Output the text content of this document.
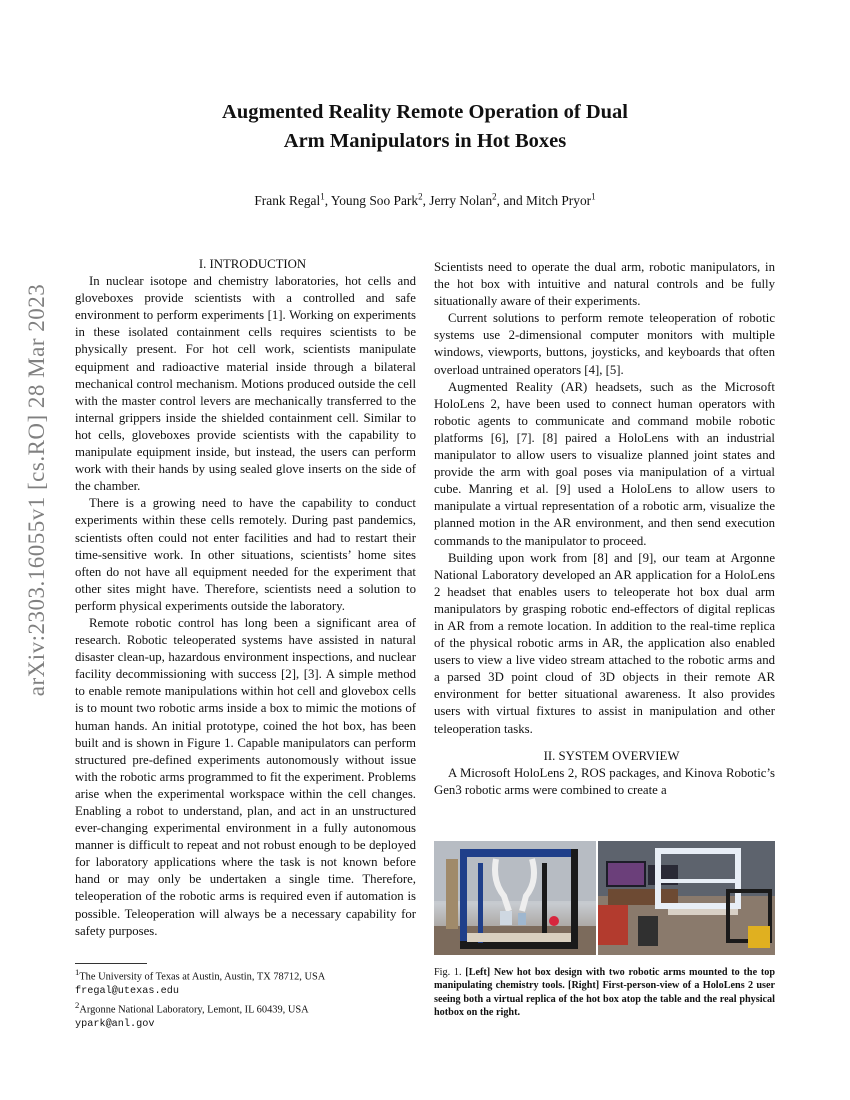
Augmented Reality Remote Operation of Dual
Arm Manipulators in Hot Boxes
Frank Regal$^1$, Young Soo Park$^2$, Jerry Nolan$^2$, and Mitch Pryor$^1$
arXiv:2303.16055v1 [cs.RO] 28 Mar 2023

I. INTRODUCTION

In nuclear isotope and chemistry laboratories, hot cells and gloveboxes provide scientists with a controlled and safe environment to perform experiments [1]. Working on experiments in these isolated containment cells requires scientists to be physically present. For hot cell work, scientists manipulate equipment and radioactive material inside through a bilateral mechanical control mechanism. Motions produced outside the cell with the master control levers are mechanically transferred to the internal grippers inside the shielded containment cell. Similar to hot cells, gloveboxes provide scientists with the capability to manipulate equipment inside, but instead, the users can perform work with their hands by using sealed glove inserts on the side of the chamber.

There is a growing need to have the capability to conduct experiments within these cells remotely. During past pandemics, scientists often could not enter facilities and had to restart their time-sensitive work. In other situations, scientists’ home sites often do not have all equipment needed for the experiment that other sites might have. Therefore, scientists need a solution to perform physical experiments outside the laboratory.

Remote robotic control has long been a significant area of research. Robotic teleoperated systems have assisted in natural disaster clean-up, hazardous environment inspections, and nuclear facility decommissioning with success [2], [3]. A simple method to enable remote manipulations within hot cell and glovebox cells is to mount two robotic arms inside a box to mimic the motions of human hands. An initial prototype, coined the hot box, has been built and is shown in Figure 1. Capable manipulators can perform structured pre-defined experiments autonomously without issue with the robotic arms programmed to fit the experiment. Problems arise when the experimental workspace within the cell changes. Enabling a robot to understand, plan, and act in an unstructured ever-changing experimental environment in a fully autonomous manner is difficult to repeat and not robust enough to be deployed for laboratory applications where the task is not known before hand or may only be undertaken a single time. Therefore, teleoperation of the robotic arms is required even if automation is possible. Teleoperation will always be a necessary capability for safety purposes.

Scientists need to operate the dual arm, robotic manipulators, in the hot box with intuitive and natural controls and be fully situationally aware of their experiments.

Current solutions to perform remote teleoperation of robotic systems use 2-dimensional computer monitors with multiple windows, viewports, buttons, joysticks, and keyboards that often overload untrained operators [4], [5].

Augmented Reality (AR) headsets, such as the Microsoft HoloLens 2, have been used to connect human operators with robotic agents to communicate and command mobile robotic platforms [6], [7]. [8] paired a HoloLens with an industrial manipulator to allow users to visualize planned joint states and provide the arm with goal poses via manipulation of a virtual cube. Manring et al. [9] used a HoloLens to allow users to manipulate a virtual representation of a robotic arm, visualize the planned motion in the AR environment, and then send execution commands to the manipulator to proceed.

Building upon work from [8] and [9], our team at Argonne National Laboratory developed an AR application for a HoloLens 2 headset that enables users to teleoperate hot box dual arm manipulators by grasping robotic end-effectors of digital replicas in AR from a remote location. In addition to the real-time replica of the physical robotic arms in AR, the application also enabled users to view a live video stream attached to the robotic arms and a parsed 3D point cloud of 3D objects in their remote AR environment for better situational awareness. It also provides users with virtual fixtures to assist in manipulation and other teleoperation tasks.

II. SYSTEM OVERVIEW

A Microsoft HoloLens 2, ROS packages, and Kinova Robotic’s Gen3 robotic arms were combined to create a

$^1$The University of Texas at Austin, Austin, TX 78712, USA
fregal@utexas.edu

$^2$Argonne National Laboratory, Lemont, IL 60439, USA
ypark@anl.gov

Fig. 1. [Left] New hot box design with two robotic arms mounted to the top manipulating chemistry tools. [Right] First-person-view of a HoloLens 2 user seeing both a virtual replica of the hot box atop the table and the real physical hotbox on the right.
